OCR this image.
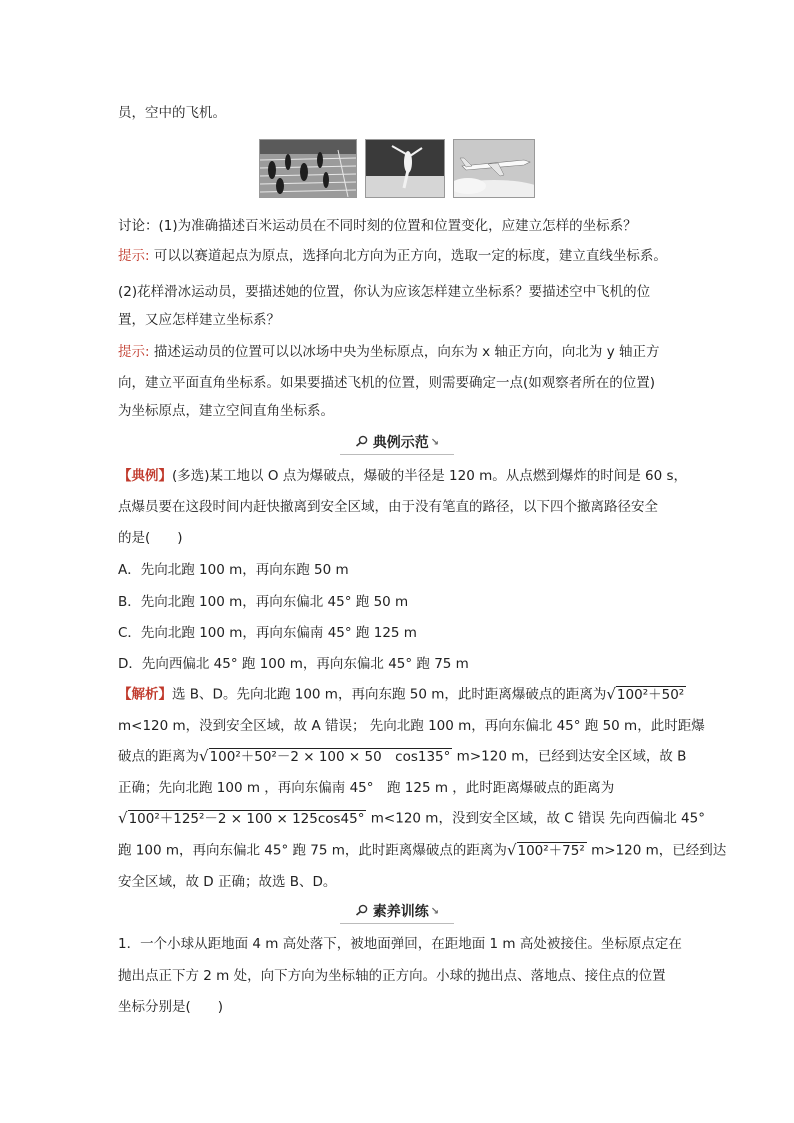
员，空中的飞机。
讨论：(1)为准确描述百米运动员在不同时刻的位置和位置变化，应建立怎样的坐标系？
提示: 可以以赛道起点为原点，选择向北方向为正方向，选取一定的标度，建立直线坐标系。
(2)花样滑冰运动员，要描述她的位置，你认为应该怎样建立坐标系？要描述空中飞机的位
置，又应怎样建立坐标系？
提示: 描述运动员的位置可以以冰场中央为坐标原点，向东为 x 轴正方向，向北为 y 轴正方
向，建立平面直角坐标系。如果要描述飞机的位置，则需要确定一点(如观察者所在的位置)
为坐标原点，建立空间直角坐标系。
典例示范 ↘
【典例】(多选)某工地以 O 点为爆破点，爆破的半径是 120 m。从点燃到爆炸的时间是 60 s，
点爆员要在这段时间内赶快撤离到安全区域，由于没有笔直的路径，以下四个撤离路径安全
的是(　　)
A．先向北跑 100 m，再向东跑 50 m
B．先向北跑 100 m，再向东偏北 45° 跑 50 m
C．先向北跑 100 m，再向东偏南 45° 跑 125 m
D．先向西偏北 45° 跑 100 m，再向东偏北 45° 跑 75 m
【解析】选 B、D。先向北跑 100 m，再向东跑 50 m，此时距离爆破点的距离为√100²＋50²
m<120 m，没到安全区域，故 A 错误； 先向北跑 100 m，再向东偏北 45° 跑 50 m，此时距爆
破点的距离为√100²＋50²－2 × 100 × 50　cos135° m>120 m，已经到达安全区域，故 B
正确；先向北跑 100 m ，再向东偏南 45°　跑 125 m ，此时距离爆破点的距离为
√100²＋125²－2 × 100 × 125cos45° m<120 m，没到安全区域，故 C 错误 先向西偏北 45°
跑 100 m，再向东偏北 45° 跑 75 m，此时距离爆破点的距离为√100²＋75² m>120 m，已经到达
安全区域，故 D 正确；故选 B、D。
素养训练 ↘
1．一个小球从距地面 4 m 高处落下，被地面弹回，在距地面 1 m 高处被接住。坐标原点定在
抛出点正下方 2 m 处，向下方向为坐标轴的正方向。小球的抛出点、落地点、接住点的位置
坐标分别是(　　)
